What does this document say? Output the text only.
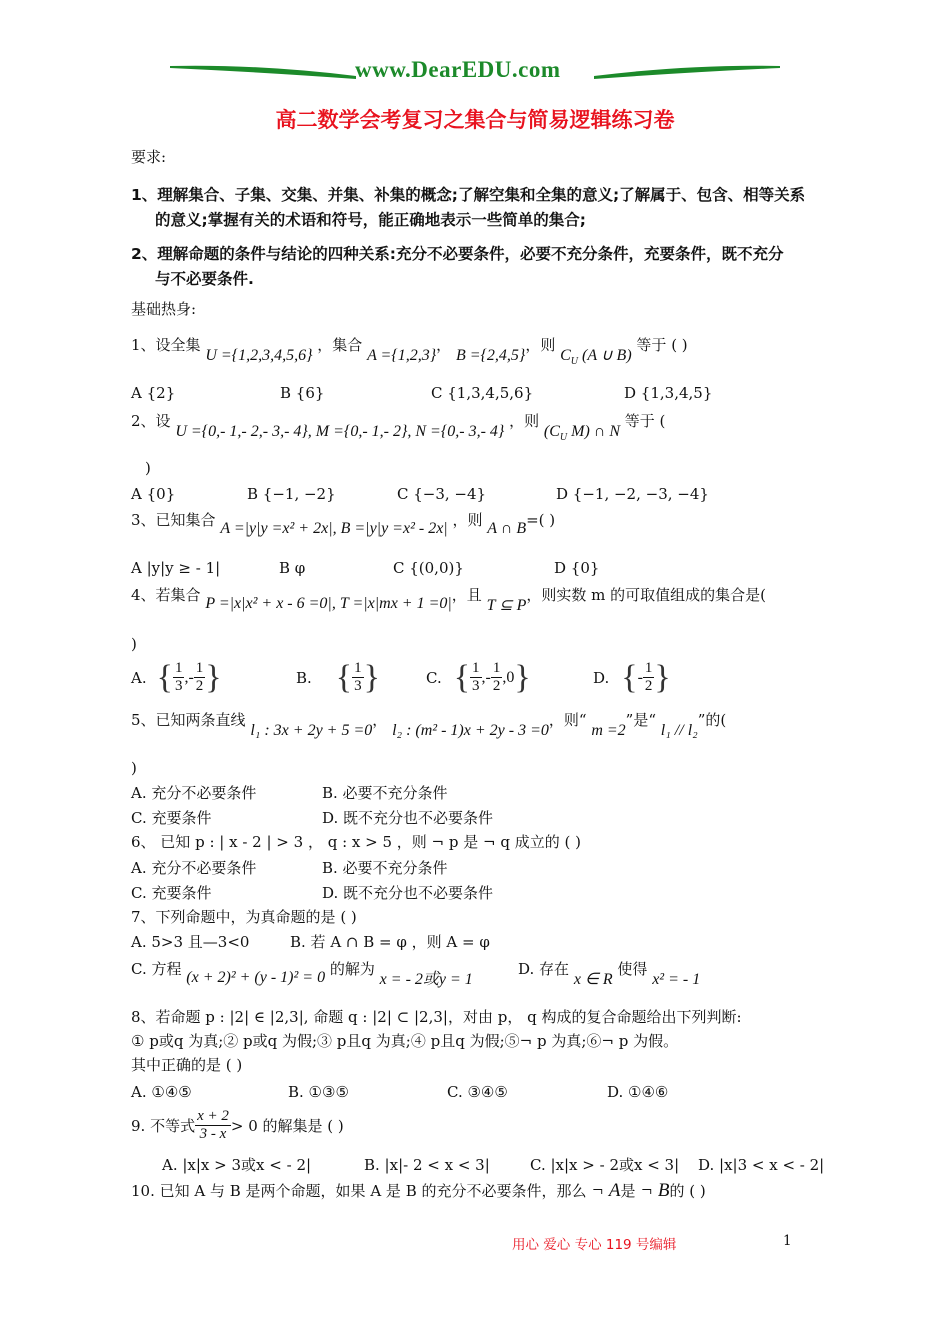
www.DearEDU.com
高二数学会考复习之集合与简易逻辑练习卷
要求:
1、理解集合、子集、交集、并集、补集的概念;了解空集和全集的意义;了解属于、包含、相等关系
的意义;掌握有关的术语和符号，能正确地表示一些简单的集合;
2、理解命题的条件与结论的四种关系:充分不必要条件，必要不充分条件，充要条件，既不充分
与不必要条件.
基础热身:
1、设全集 U ={1,2,3,4,5,6} ，集合 A ={1,2,3}， B ={2,4,5}，则 $C_U$ (A ∪ B) 等于 ( )
A {2}	B {6}	C {1,3,4,5,6}	D {1,3,4,5}
2、设 U ={0,- 1,- 2,- 3,- 4}, M ={0,- 1,- 2}, N ={0,- 3,- 4} ，则 ($C_U$ M) ∩ N 等于 (
)
A {0}	B {−1, −2}	C {−3, −4}	D {−1, −2, −3, −4}
3、已知集合 A =|y|y =x² + 2x|, B =|y|y =x² - 2x| ，则 A ∩ B=( )
A |y|y ≥ - 1|	B φ	C {(0,0)}	D {0}
4、若集合 P =|x|x² + x - 6 =0|, T =|x|mx + 1 =0|，且 T ⊆ P，则实数 m 的可取值组成的集合是(
)
A. { $\frac{1}{3}$ ,- $\frac{1}{2}$ }	B. { $\frac{1}{3}$ }	C. { $\frac{1}{3}$ ,- $\frac{1}{2} ,0$ }	D. { - $\frac{1}{2}$ }
5、已知两条直线 l₁ : 3x + 2y + 5 =0， l₂ : (m² - 1)x + 2y - 3 =0，则“ m =2”是“ l₁ // l₂”的(
)
A. 充分不必要条件	B. 必要不充分条件
C. 充要条件	D. 既不充分也不必要条件
6、 已知 p : | x - 2 | > 3 ， q : x > 5 ，则 ¬ p 是 ¬ q 成立的 ( )
A. 充分不必要条件	B. 必要不充分条件
C. 充要条件	D. 既不充分也不必要条件
7、下列命题中，为真命题的是 ( )
A. 5>3 且—3<0	B. 若 A ∩ B = φ ，则 A = φ
C. 方程 (x + 2)² + (y - 1)² = 0 的解为 x = - 2或y = 1
D. 存在 x ∈ R 使得 x² = - 1
8、若命题 p : |2| ∈ |2,3|, 命题 q : |2| ⊂ |2,3|，对由 p， q 构成的复合命题给出下列判断:
① p或q 为真;② p或q 为假;③ p且q 为真;④ p且q 为假;⑤¬ p 为真;⑥¬ p 为假。
其中正确的是 ( )
A. ①④⑤	B. ①③⑤	C. ③④⑤	D. ①④⑥
9. 不等式 $\frac{x + 2}{3 - x} > 0$ 的解集是 ( )
A. |x|x > 3或x < - 2|	B. |x|- 2 < x < 3|	C. |x|x > - 2或x < 3| D. |x|3 < x < - 2|
10. 已知 A 与 B 是两个命题，如果 A 是 B 的充分不必要条件，那么 ¬ A是 ¬ B的 ( )
用心 爱心 专心 119 号编辑	1
